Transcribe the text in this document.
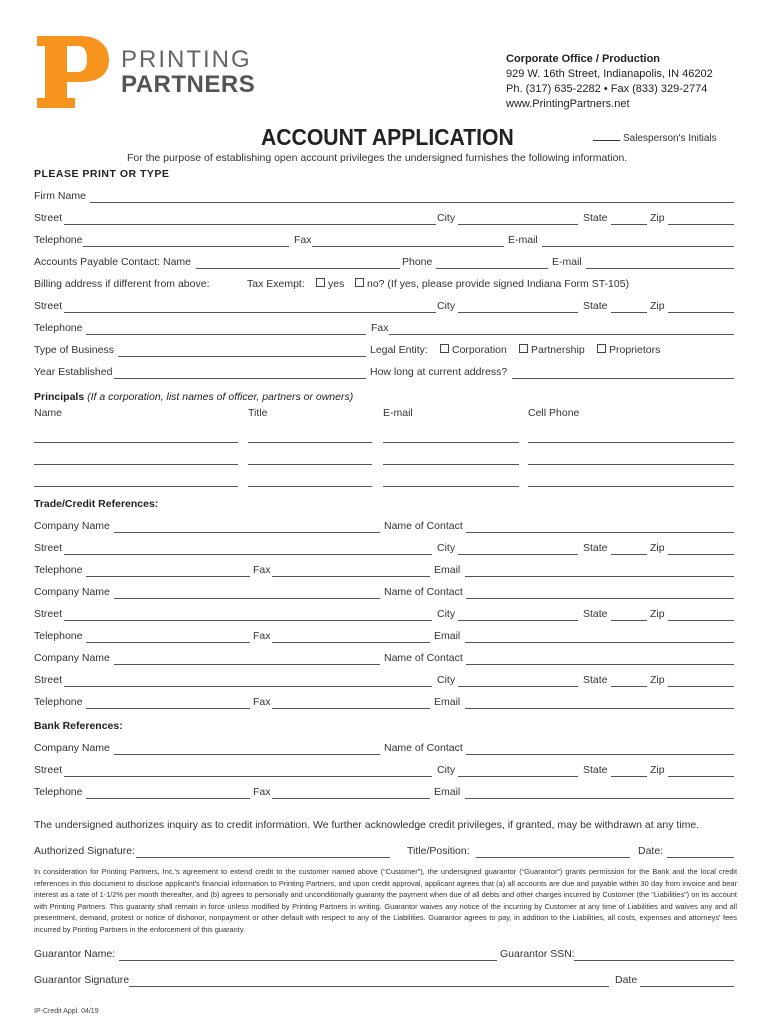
PRINTING
PARTNERS
Corporate Office / Production
929 W. 16th Street, Indianapolis, IN 46202
Ph. (317) 635-2282 • Fax (833) 329-2774
www.PrintingPartners.net
ACCOUNT APPLICATION	Salesperson's Initials
For the purpose of establishing open account privileges the undersigned furnishes the following information.
PLEASE PRINT OR TYPE
Firm Name
Street	City	State	Zip
Telephone	Fax	E-mail
Accounts Payable Contact: Name	Phone	E-mail
Billing address if different from above:	Tax Exempt:	yes	no? (If yes, please provide signed Indiana Form ST-105)
Street	City	State	Zip
Telephone	Fax
Type of Business	Legal Entity:	Corporation	Partnership	Proprietors
Year Established	How long at current address?
Principals (If a corporation, list names of officer, partners or owners)
Name	Title	E-mail	Cell Phone
Trade/Credit References:
Company Name	Name of Contact
Street	City	State	Zip
Telephone	Fax	Email
Company Name	Name of Contact
Street	City	State	Zip
Telephone	Fax	Email
Company Name	Name of Contact
Street	City	State	Zip
Telephone	Fax	Email
Bank References:
Company Name	Name of Contact
Street	City	State	Zip
Telephone	Fax	Email
The undersigned authorizes inquiry as to credit information. We further acknowledge credit privileges, if granted, may be withdrawn at any time.
Authorized Signature:	Title/Position:	Date:
In consideration for Printing Partners, Inc.'s agreement to extend credit to the customer named above (“Customer”), the undersigned guarantor (“Guarantor”) grants permission for the Bank and the local credit references in this document to disclose applicant's financial information to Printing Partners, and upon credit approval, applicant agrees that (a) all accounts are due and payable within 30 day from invoice and bear interest as a rate of 1-1/2% per month thereafter, and (b) agrees to personally and unconditionally guaranty the payment when due of all debts and other charges incurred by Customer (the “Liabilities”) on its account with Printing Partners. This guaranty shall remain in force unless modified by Printing Partners in writing. Guarantor waives any notice of the incurring by Customer at any time of Liabilities and waives any and all presentment, demand, protest or notice of dishonor, nonpayment or other default with respect to any of the Liabilities. Guarantor agrees to pay, in addition to the Liabilities, all costs, expenses and attorneys' fees incurred by Printing Partners in the enforcement of this guaranty.
Guarantor Name:	Guarantor SSN:
Guarantor Signature	Date
IP-Credit Appl. 04/19
